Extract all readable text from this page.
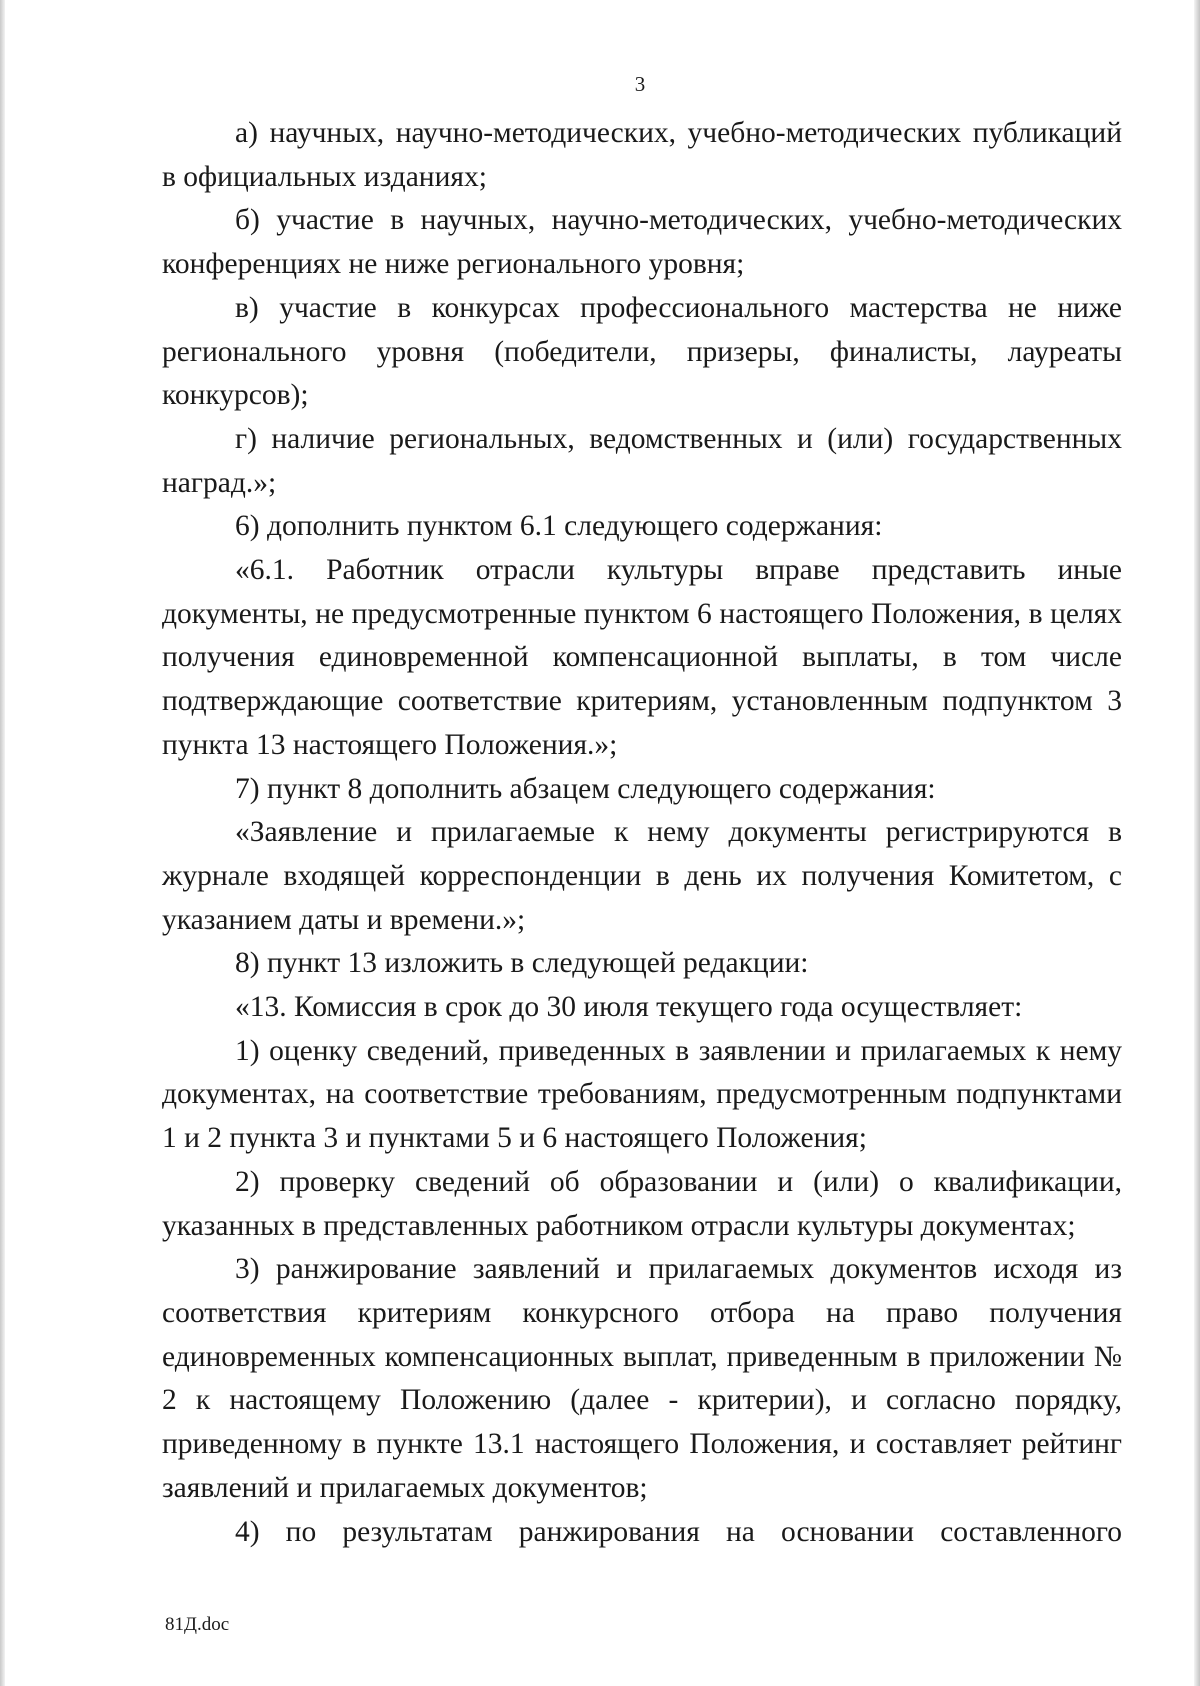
3

а) научных, научно-методических, учебно-методических публикаций в официальных изданиях;

б) участие в научных, научно-методических, учебно-методических конференциях не ниже регионального уровня;

в) участие в конкурсах профессионального мастерства не ниже регионального уровня (победители, призеры, финалисты, лауреаты конкурсов);

г) наличие региональных, ведомственных и (или) государственных наград.»;

6) дополнить пунктом 6.1 следующего содержания:

«6.1. Работник отрасли культуры вправе представить иные документы, не предусмотренные пунктом 6 настоящего Положения, в целях получения единовременной компенсационной выплаты, в том числе подтверждающие соответствие критериям, установленным подпунктом 3 пункта 13 настоящего Положения.»;

7) пункт 8 дополнить абзацем следующего содержания:

«Заявление и прилагаемые к нему документы регистрируются в журнале входящей корреспонденции в день их получения Комитетом, с указанием даты и времени.»;

8) пункт 13 изложить в следующей редакции:

«13. Комиссия в срок до 30 июля текущего года осуществляет:

1) оценку сведений, приведенных в заявлении и прилагаемых к нему документах, на соответствие требованиям, предусмотренным подпунктами 1 и 2 пункта 3 и пунктами 5 и 6 настоящего Положения;

2) проверку сведений об образовании и (или) о квалификации, указанных в представленных работником отрасли культуры документах;

3) ранжирование заявлений и прилагаемых документов исходя из соответствия критериям конкурсного отбора на право получения единовременных компенсационных выплат, приведенным в приложении № 2 к настоящему Положению (далее - критерии), и согласно порядку, приведенному в пункте 13.1 настоящего Положения, и составляет рейтинг заявлений и прилагаемых документов;

4) по результатам ранжирования на основании составленного

81Д.doc
